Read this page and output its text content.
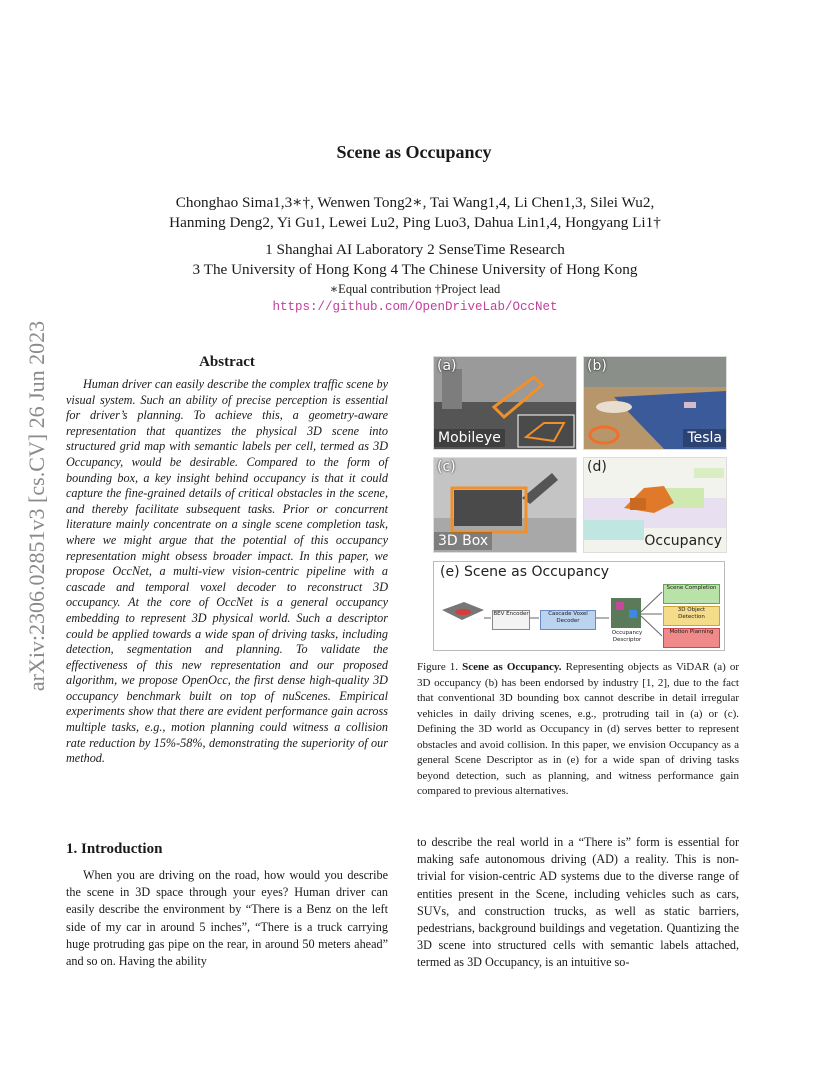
arXiv:2306.02851v3 [cs.CV] 26 Jun 2023
Scene as Occupancy
Chonghao Sima1,3∗†, Wenwen Tong2∗, Tai Wang1,4, Li Chen1,3, Silei Wu2,
Hanming Deng2, Yi Gu1, Lewei Lu2, Ping Luo3, Dahua Lin1,4, Hongyang Li1†
1 Shanghai AI Laboratory 2 SenseTime Research
3 The University of Hong Kong 4 The Chinese University of Hong Kong
∗Equal contribution †Project lead
https://github.com/OpenDriveLab/OccNet
Abstract
Human driver can easily describe the complex traffic scene by visual system. Such an ability of precise perception is essential for driver’s planning. To achieve this, a geometry-aware representation that quantizes the physical 3D scene into structured grid map with semantic labels per cell, termed as 3D Occupancy, would be desirable. Compared to the form of bounding box, a key insight behind occupancy is that it could capture the fine-grained details of critical obstacles in the scene, and thereby facilitate subsequent tasks. Prior or concurrent literature mainly concentrate on a single scene completion task, where we might argue that the potential of this occupancy representation might obsess broader impact. In this paper, we propose OccNet, a multi-view vision-centric pipeline with a cascade and temporal voxel decoder to reconstruct 3D occupancy. At the core of OccNet is a general occupancy embedding to represent 3D physical world. Such a descriptor could be applied towards a wide span of driving tasks, including detection, segmentation and planning. To validate the effectiveness of this new representation and our proposed algorithm, we propose OpenOcc, the first dense high-quality 3D occupancy benchmark built on top of nuScenes. Empirical experiments show that there are evident performance gain across multiple tasks, e.g., motion planning could witness a collision rate reduction by 15%-58%, demonstrating the superiority of our method.
1. Introduction
When you are driving on the road, how would you describe the scene in 3D space through your eyes? Human driver can easily describe the environment by “There is a Benz on the left side of my car in around 5 inches”, “There is a truck carrying huge protruding gas pipe on the rear, in around 50 meters ahead” and so on. Having the ability
to describe the real world in a “There is” form is essential for making safe autonomous driving (AD) a reality. This is non-trivial for vision-centric AD systems due to the diverse range of entities present in the Scene, including vehicles such as cars, SUVs, and construction trucks, as well as static barriers, pedestrians, background buildings and vegetation. Quantizing the 3D scene into structured cells with semantic labels attached, termed as 3D Occupancy, is an intuitive so-
(a)
Mobileye
(b)
Tesla
(c)
3D Box
(d)
Occupancy
(e) Scene as Occupancy
BEV Encoder	Cascade Voxel Decoder
Occupancy Descriptor
Scene Completion
3D Object Detection
Motion Planning
Figure 1. Scene as Occupancy. Representing objects as ViDAR (a) or 3D occupancy (b) has been endorsed by industry [1, 2], due to the fact that conventional 3D bounding box cannot describe in detail irregular vehicles in daily driving scenes, e.g., protruding tail in (a) or (c). Defining the 3D world as Occupancy in (d) serves better to represent obstacles and avoid collision. In this paper, we envision Occupancy as a general Scene Descriptor as in (e) for a wide span of driving tasks beyond detection, such as planning, and witness performance gain compared to previous alternatives.
